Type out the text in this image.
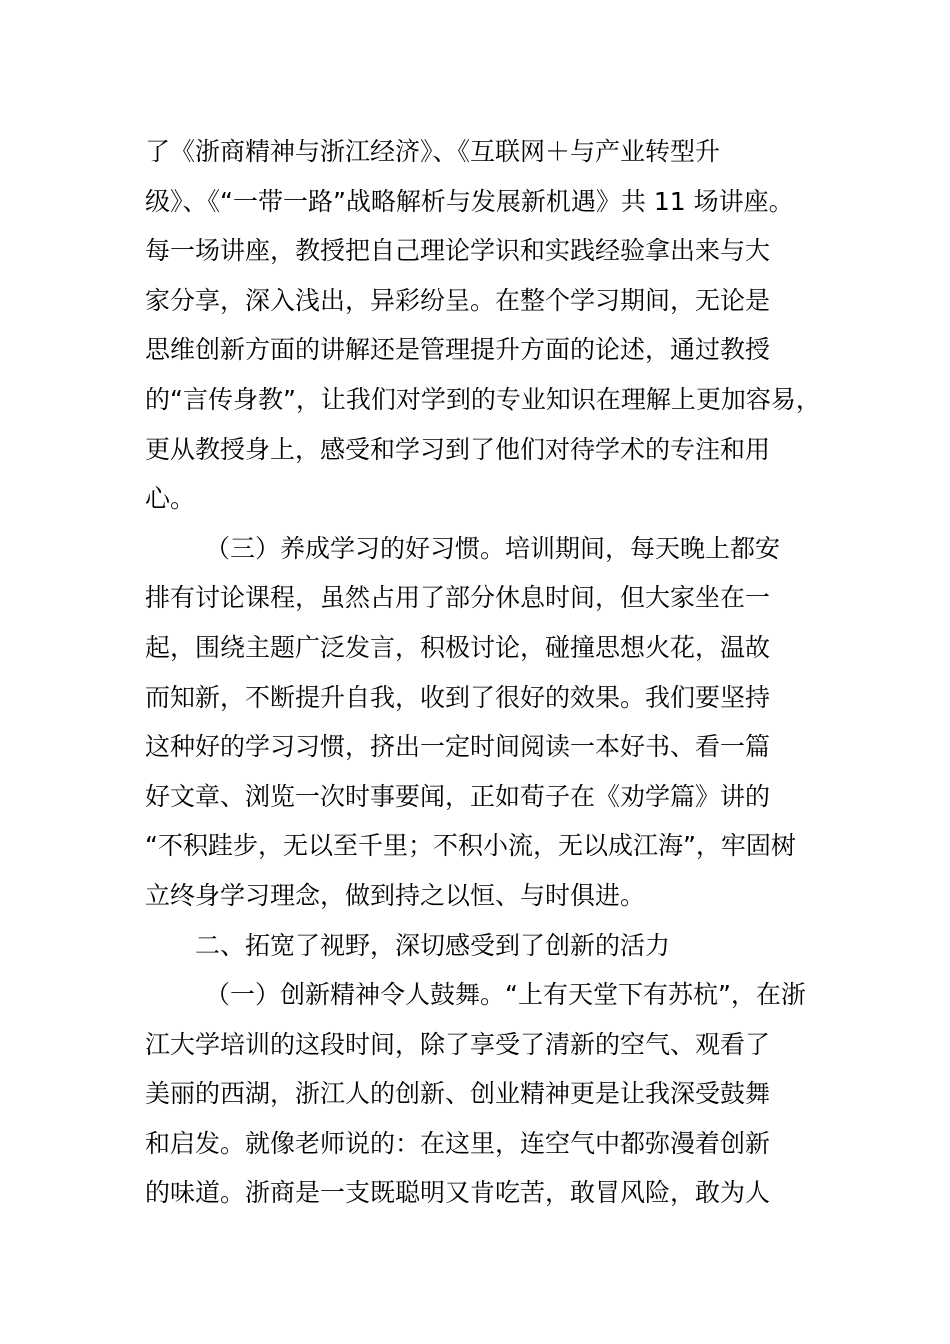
了《浙商精神与浙江经济》、《互联网＋与产业转型升
级》、《“一带一路”战略解析与发展新机遇》共 11 场讲座。
每一场讲座，教授把自己理论学识和实践经验拿出来与大
家分享，深入浅出，异彩纷呈。在整个学习期间，无论是
思维创新方面的讲解还是管理提升方面的论述，通过教授
的“言传身教”，让我们对学到的专业知识在理解上更加容易，
更从教授身上，感受和学习到了他们对待学术的专注和用
心。
（三）养成学习的好习惯。培训期间，每天晚上都安
排有讨论课程，虽然占用了部分休息时间，但大家坐在一
起，围绕主题广泛发言，积极讨论，碰撞思想火花，温故
而知新，不断提升自我，收到了很好的效果。我们要坚持
这种好的学习习惯，挤出一定时间阅读一本好书、看一篇
好文章、浏览一次时事要闻，正如荀子在《劝学篇》讲的
“不积跬步，无以至千里；不积小流，无以成江海”，牢固树
立终身学习理念，做到持之以恒、与时俱进。
二、拓宽了视野，深切感受到了创新的活力
（一）创新精神令人鼓舞。“上有天堂下有苏杭”，在浙
江大学培训的这段时间，除了享受了清新的空气、观看了
美丽的西湖，浙江人的创新、创业精神更是让我深受鼓舞
和启发。就像老师说的：在这里，连空气中都弥漫着创新
的味道。浙商是一支既聪明又肯吃苦，敢冒风险，敢为人
